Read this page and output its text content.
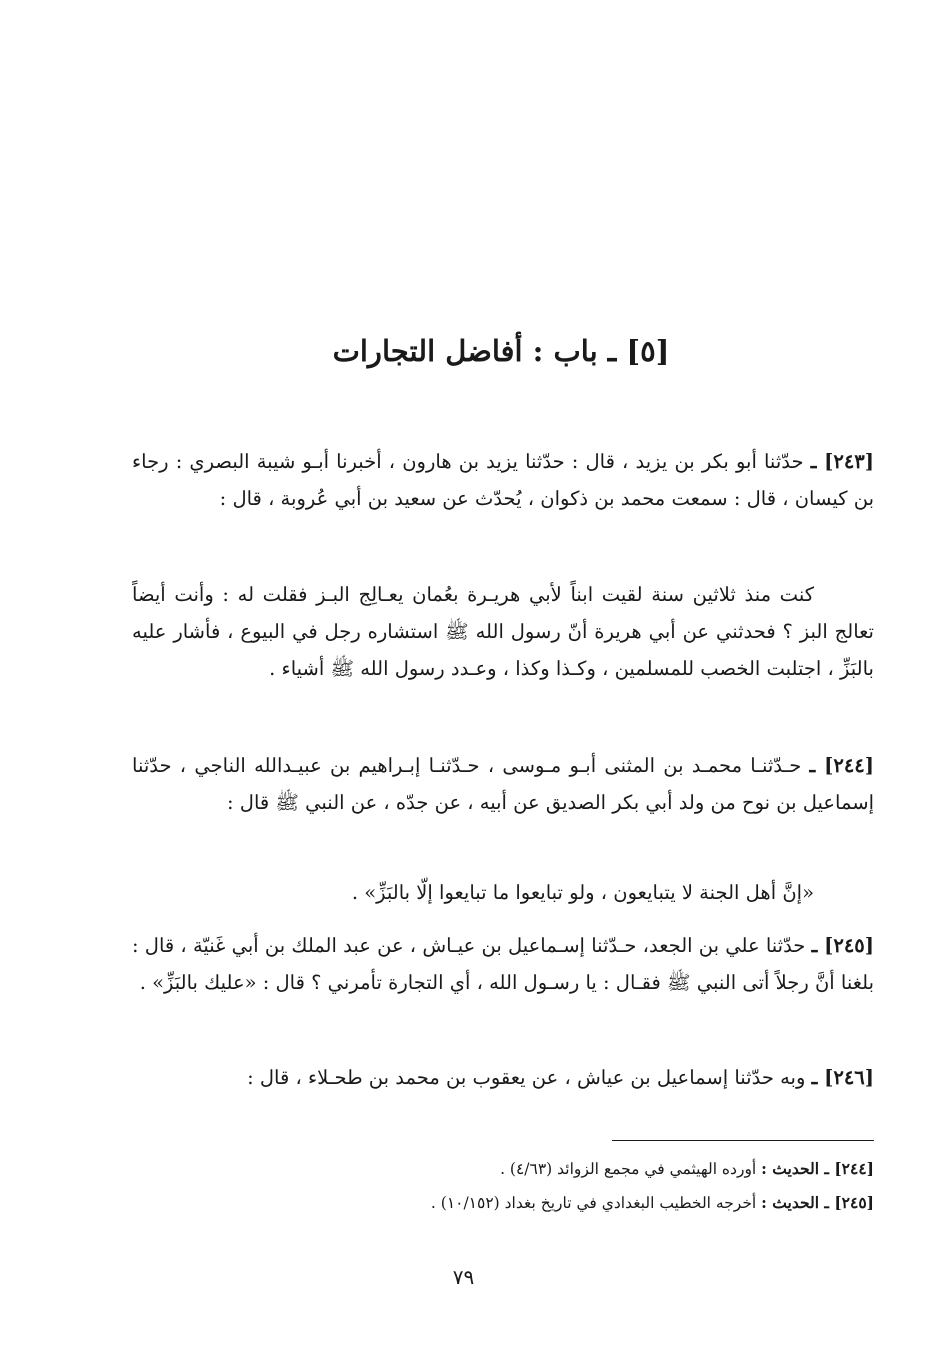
[٥] ـ باب : أفاضل التجارات

[٢٤٣] ـ حدّثنا أبو بكر بن يزيد ، قال : حدّثنا يزيد بن هارون ، أخبرنا أبـو شيبة البصري : رجاء بن كيسان ، قال : سمعت محمد بن ذكوان ، يُحدّث عن سعيد بن أبي عُروبة ، قال :

كنت منذ ثلاثين سنة لقيت ابناً لأبي هريـرة بعُمان يعـالِج البـز فقلت له : وأنت أيضاً تعالج البز ؟ فحدثني عن أبي هريرة أنّ رسول الله ﷺ استشاره رجل في البيوع ، فأشار عليه بالبَزِّ ، اجتلبت الخصب للمسلمين ، وكـذا وكذا ، وعـدد رسول الله ﷺ أشياء .

[٢٤٤] ـ حـدّثنـا محمـد بن المثنى أبـو مـوسى ، حـدّثنـا إبـراهيم بن عبيـدالله الناجي ، حدّثنا إسماعيل بن نوح من ولد أبي بكر الصديق عن أبيه ، عن جدّه ، عن النبي ﷺ قال :

«إنَّ أهل الجنة لا يتبايعون ، ولو تبايعوا ما تبايعوا إلّا بالبَزِّ» .

[٢٤٥] ـ حدّثنا علي بن الجعد، حـدّثنا إسـماعيل بن عيـاش ، عن عبد الملك بن أبي غَنيّة ، قال : بلغنا أنَّ رجلاً أتى النبي ﷺ فقـال : يا رسـول الله ، أي التجارة تأمرني ؟ قال : «عليك بالبَزِّ» .

[٢٤٦] ـ وبه حدّثنا إسماعيل بن عياش ، عن يعقوب بن محمد بن طحـلاء ، قال :

[٢٤٤] ـ الحديث : أورده الهيثمي في مجمع الزوائد (٤/٦٣) .

[٢٤٥] ـ الحديث : أخرجه الخطيب البغدادي في تاريخ بغداد (١٠/١٥٢) .

٧٩
